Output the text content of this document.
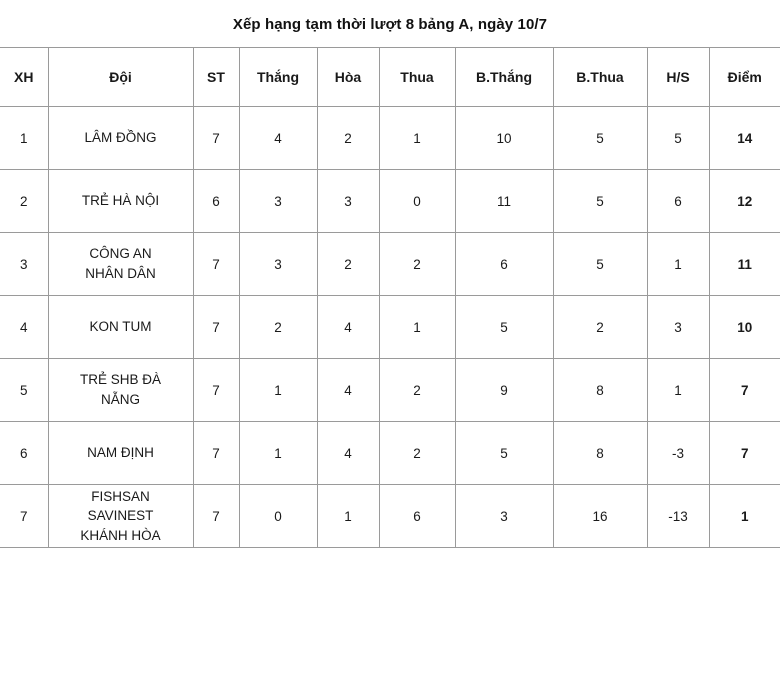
Xếp hạng tạm thời lượt 8 bảng A, ngày 10/7
XH	Đội	ST	Thắng	Hòa	Thua	B.Thắng	B.Thua	H/S	Điểm
1	LÂM ĐỒNG	7	4	2	1	10	5	5	14
2	TRẺ HÀ NỘI	6	3	3	0	11	5	6	12
3	CÔNG AN
NHÂN DÂN	7	3	2	2	6	5	1	11
4	KON TUM	7	2	4	1	5	2	3	10
5	TRẺ SHB ĐÀ
NẴNG	7	1	4	2	9	8	1	7
6	NAM ĐỊNH	7	1	4	2	5	8	-3	7
7	FISHSAN
SAVINEST
KHÁNH HÒA	7	0	1	6	3	16	-13	1
